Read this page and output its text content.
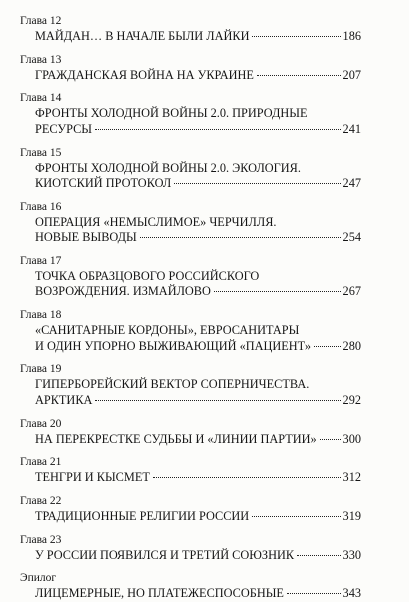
Глава 12
МАЙДАН… В НАЧАЛЕ БЫЛИ ЛАЙКИ	186
Глава 13
ГРАЖДАНСКАЯ ВОЙНА НА УКРАИНЕ	207
Глава 14
ФРОНТЫ ХОЛОДНОЙ ВОЙНЫ 2.0. ПРИРОДНЫЕ
РЕСУРСЫ	241
Глава 15
ФРОНТЫ ХОЛОДНОЙ ВОЙНЫ 2.0. ЭКОЛОГИЯ.
КИОТСКИЙ ПРОТОКОЛ	247
Глава 16
ОПЕРАЦИЯ «НЕМЫСЛИМОЕ» ЧЕРЧИЛЛЯ.
НОВЫЕ ВЫВОДЫ	254
Глава 17
ТОЧКА ОБРАЗЦОВОГО РОССИЙСКОГО
ВОЗРОЖДЕНИЯ. ИЗМАЙЛОВО	267
Глава 18
«САНИТАРНЫЕ КОРДОНЫ», ЕВРОСАНИТАРЫ
И ОДИН УПОРНО ВЫЖИВАЮЩИЙ «ПАЦИЕНТ»	280
Глава 19
ГИПЕРБОРЕЙСКИЙ ВЕКТОР СОПЕРНИЧЕСТВА.
АРКТИКА	292
Глава 20
НА ПЕРЕКРЕСТКЕ СУДЬБЫ И «ЛИНИИ ПАРТИИ» 300
Глава 21
ТЕНГРИ И КЫСМЕТ	312
Глава 22
ТРАДИЦИОННЫЕ РЕЛИГИИ РОССИИ	319
Глава 23
У РОССИИ ПОЯВИЛСЯ И ТРЕТИЙ СОЮЗНИК	330
Эпилог
ЛИЦЕМЕРНЫЕ, НО ПЛАТЕЖЕСПОСОБНЫЕ	343
